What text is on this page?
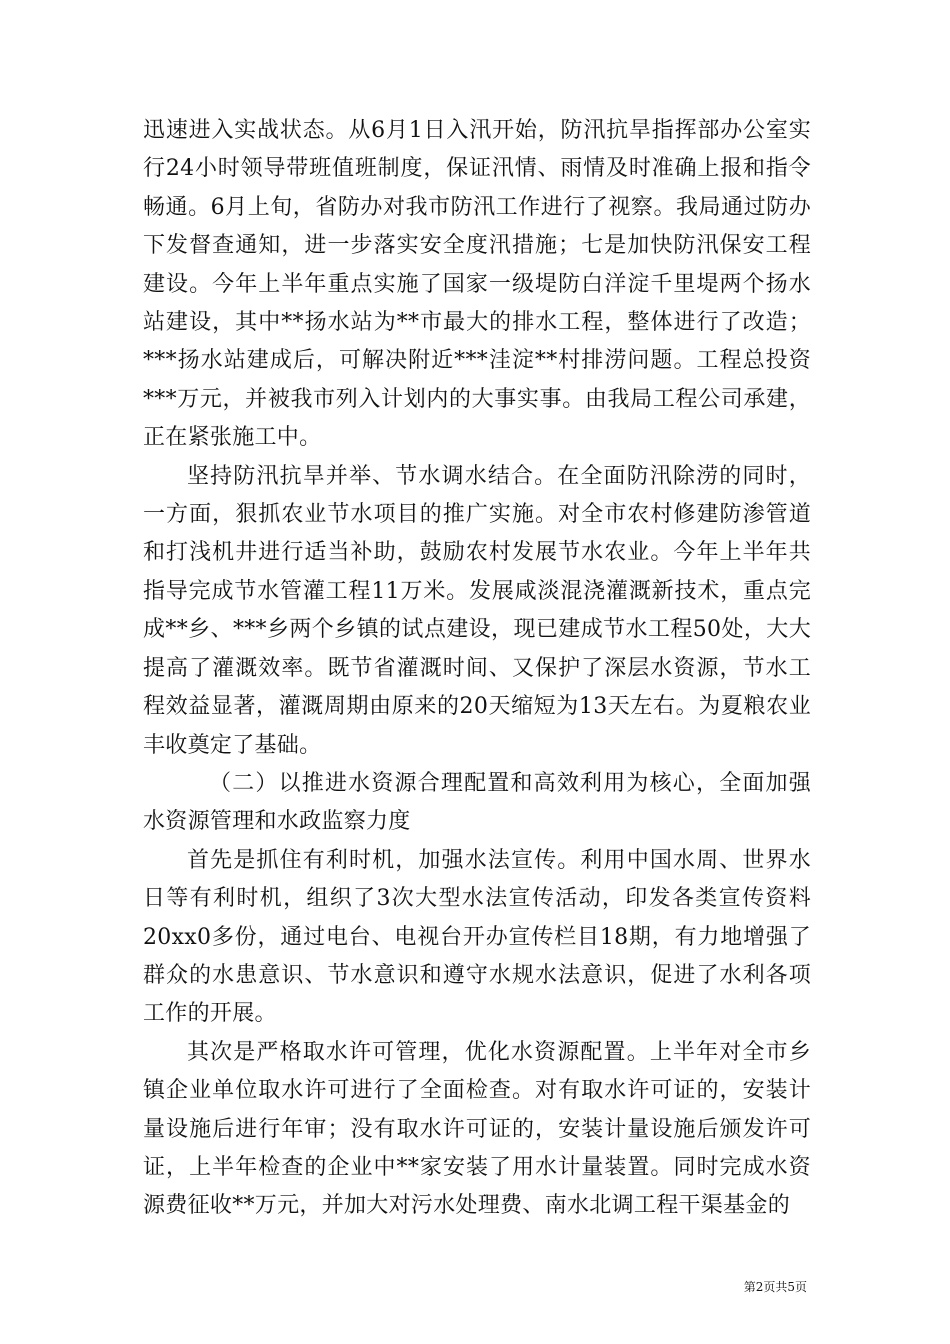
迅速进入实战状态。从6月1日入汛开始，防汛抗旱指挥部办公室实行24小时领导带班值班制度，保证汛情、雨情及时准确上报和指令畅通。6月上旬，省防办对我市防汛工作进行了视察。我局通过防办下发督查通知，进一步落实安全度汛措施；七是加快防汛保安工程建设。今年上半年重点实施了国家一级堤防白洋淀千里堤两个扬水站建设，其中**扬水站为**市最大的排水工程，整体进行了改造；***扬水站建成后，可解决附近***洼淀**村排涝问题。工程总投资***万元，并被我市列入计划内的大事实事。由我局工程公司承建，正在紧张施工中。

坚持防汛抗旱并举、节水调水结合。在全面防汛除涝的同时，一方面，狠抓农业节水项目的推广实施。对全市农村修建防渗管道和打浅机井进行适当补助，鼓励农村发展节水农业。今年上半年共指导完成节水管灌工程11万米。发展咸淡混浇灌溉新技术，重点完成**乡、***乡两个乡镇的试点建设，现已建成节水工程50处，大大提高了灌溉效率。既节省灌溉时间、又保护了深层水资源，节水工程效益显著，灌溉周期由原来的20天缩短为13天左右。为夏粮农业丰收奠定了基础。

（二）以推进水资源合理配置和高效利用为核心，全面加强水资源管理和水政监察力度

首先是抓住有利时机，加强水法宣传。利用中国水周、世界水日等有利时机，组织了3次大型水法宣传活动，印发各类宣传资料20xx0多份，通过电台、电视台开办宣传栏目18期，有力地增强了群众的水患意识、节水意识和遵守水规水法意识，促进了水利各项工作的开展。

其次是严格取水许可管理，优化水资源配置。上半年对全市乡镇企业单位取水许可进行了全面检查。对有取水许可证的，安装计量设施后进行年审；没有取水许可证的，安装计量设施后颁发许可证，上半年检查的企业中**家安装了用水计量装置。同时完成水资源费征收**万元，并加大对污水处理费、南水北调工程干渠基金的

第2页共5页
